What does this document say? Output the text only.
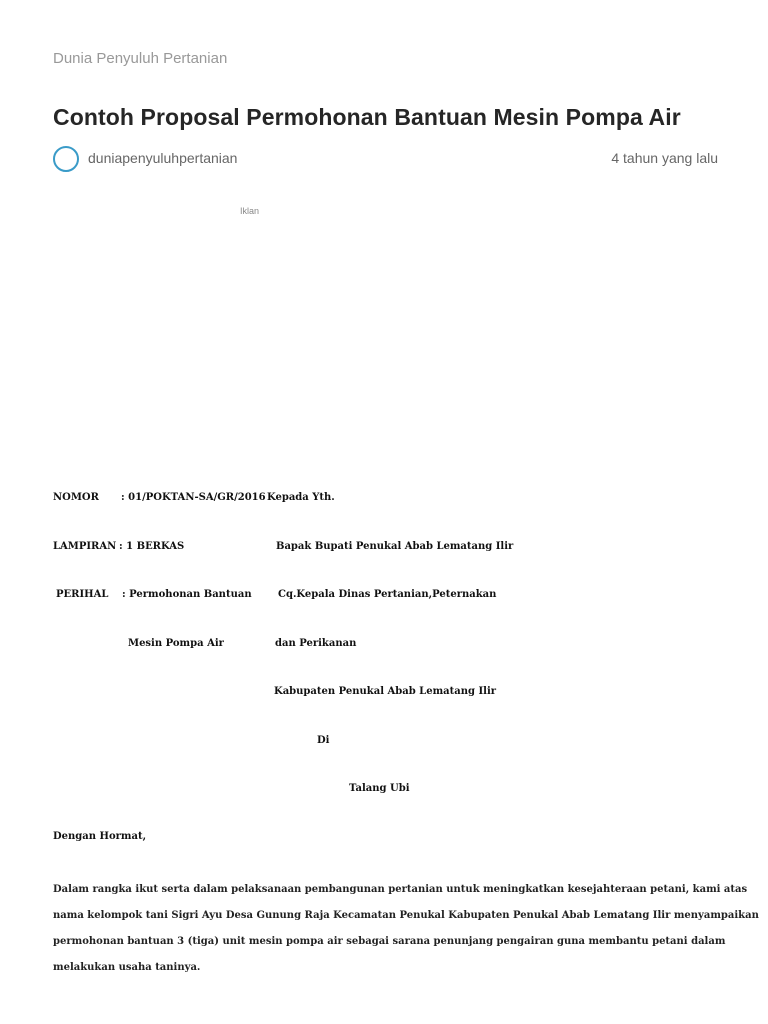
Dunia Penyuluh Pertanian
Contoh Proposal Permohonan Bantuan Mesin Pompa Air
duniapenyuluhpertanian	4 tahun yang lalu
Iklan
NOMOR : 01/POKTAN-SA/GR/2016 Kepada Yth.
LAMPIRAN : 1 BERKAS	Bapak Bupati Penukal Abab Lematang Ilir
PERIHAL : Permohonan Bantuan	Cq.Kepala Dinas Pertanian,Peternakan
Mesin Pompa Air	dan Perikanan
Kabupaten Penukal Abab Lematang Ilir
Di
Talang Ubi
Dengan Hormat,
Dalam rangka ikut serta dalam pelaksanaan pembangunan pertanian untuk meningkatkan kesejahteraan petani, kami atas
nama kelompok tani Sigri Ayu Desa Gunung Raja Kecamatan Penukal Kabupaten Penukal Abab Lematang Ilir menyampaikan
permohonan bantuan 3 (tiga) unit mesin pompa air sebagai sarana penunjang pengairan guna membantu petani dalam
melakukan usaha taninya.
